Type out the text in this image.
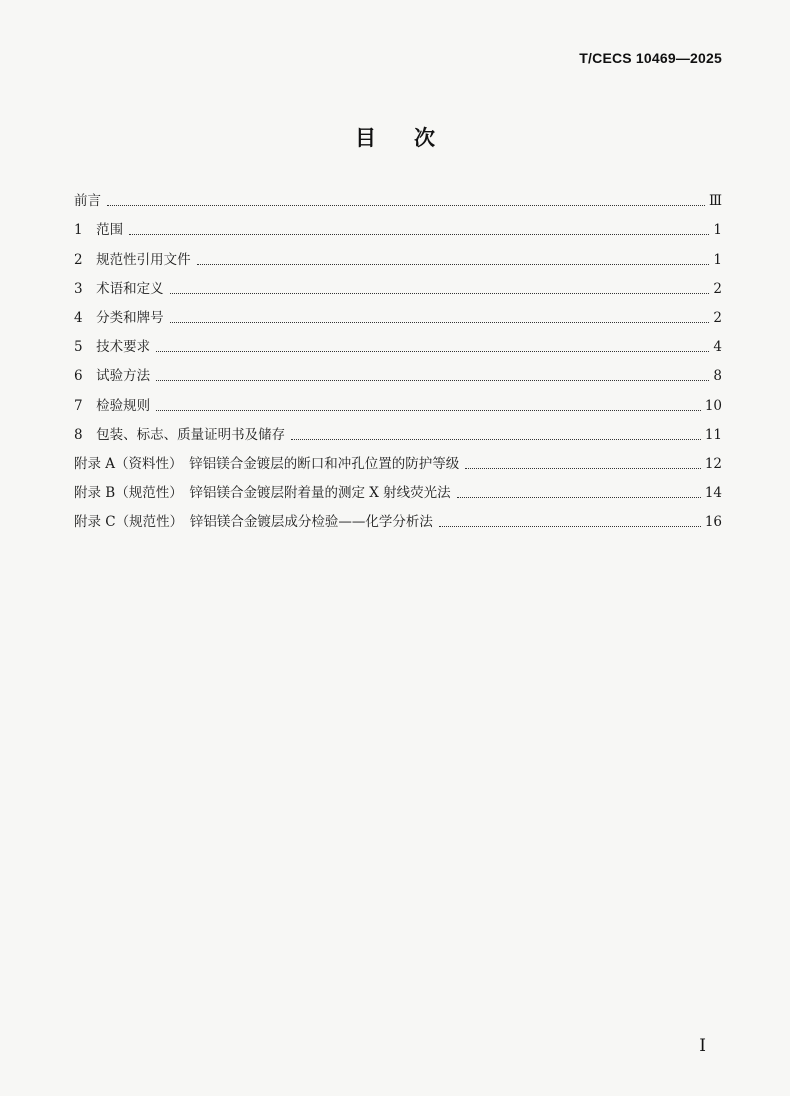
T/CECS 10469—2025
目次
前言	Ⅲ
1　范围	1
2　规范性引用文件	1
3　术语和定义	2
4　分类和牌号	2
5　技术要求	4
6　试验方法	8
7　检验规则	10
8　包装、标志、质量证明书及储存	11
附录 A（资料性）　锌铝镁合金镀层的断口和冲孔位置的防护等级	12
附录 B（规范性）　锌铝镁合金镀层附着量的测定 X 射线荧光法	14
附录 C（规范性）　锌铝镁合金镀层成分检验——化学分析法	16
I
